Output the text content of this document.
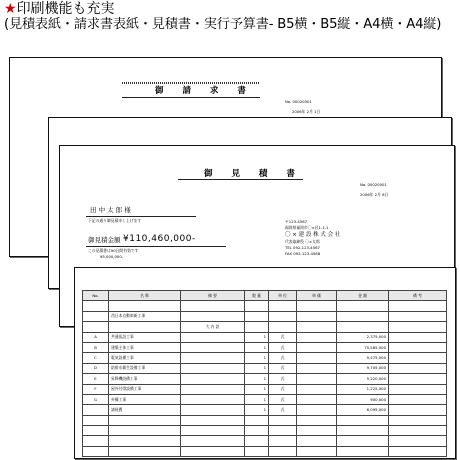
★印刷機能も充実
(見積表紙・請求書表紙・見積書・実行予算書- B5横・B5縦・A4横・A4縦)
御 請 求 書
No. 00020001
2006年 2月 1日
御 見 積 書
No. 00020001
2006年 2月 6日
田 中 太 郎 様
下記の通り御見積申し上げます
御見積金額 ¥110,460,000-
この見積書は90日間有効です
¥5,000,000-
〒123-4567
福岡県福岡市〇×区1-1-1
〇 × 建 設 株 式 会 社
代表取締役 〇×太郎
TEL 092-123-4567
FAX 092-123-4568
No.	名 称	摘 要	数 量	単 位	単 価	金 額	備 考

	西日本自動車新工事						
		大 内 訳					
A	共通仮設工事		1	式		2,375,000	
B	建築主体工事		1	式		75,585,000	
C	電気設備工事		1	式		9,575,000	
D	給排水衛生設備工事		1	式		9,705,000	
E	昇降機設備工事		1	式		5,220,000	
F	屋外付帯設備工事		1	式		1,225,000	
G	外構工事		1	式		900,000	
	諸経費		1	式		6,095,000	
